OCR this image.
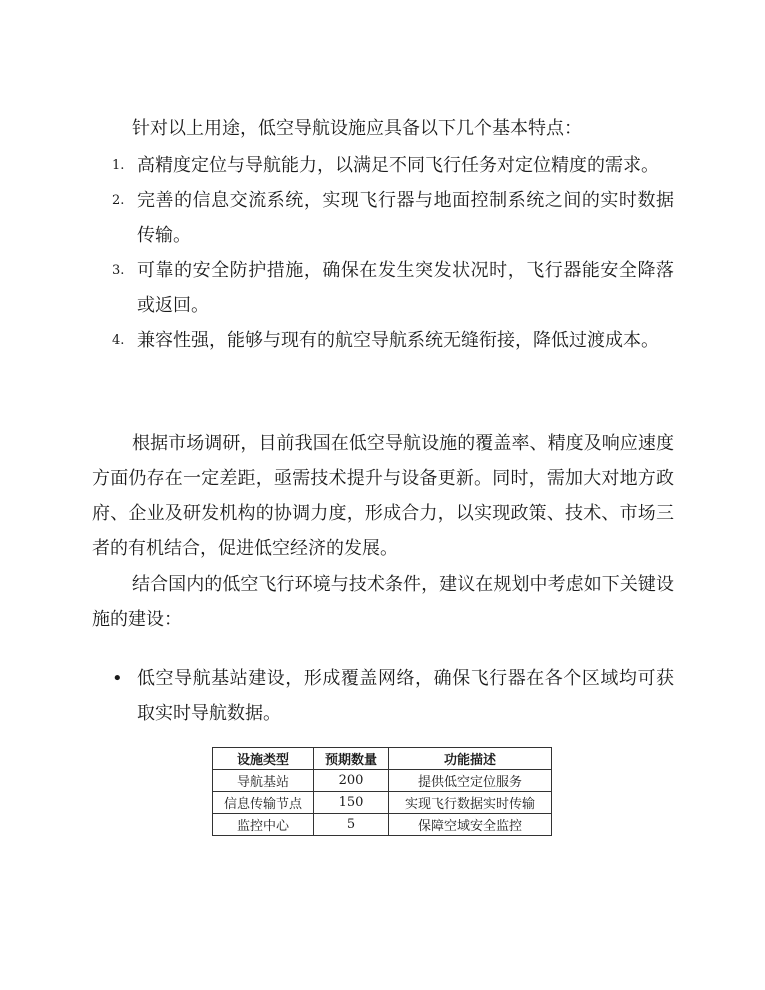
针对以上用途，低空导航设施应具备以下几个基本特点：

1. 高精度定位与导航能力，以满足不同飞行任务对定位精度的需求。
2. 完善的信息交流系统，实现飞行器与地面控制系统之间的实时数据传输。
3. 可靠的安全防护措施，确保在发生突发状况时，飞行器能安全降落或返回。
4. 兼容性强，能够与现有的航空导航系统无缝衔接，降低过渡成本。

根据市场调研，目前我国在低空导航设施的覆盖率、精度及响应速度方面仍存在一定差距，亟需技术提升与设备更新。同时，需加大对地方政府、企业及研发机构的协调力度，形成合力，以实现政策、技术、市场三者的有机结合，促进低空经济的发展。

结合国内的低空飞行环境与技术条件，建议在规划中考虑如下关键设施的建设：

• 低空导航基站建设，形成覆盖网络，确保飞行器在各个区域均可获取实时导航数据。
设施类型	预期数量	功能描述
导航基站	200	提供低空定位服务
信息传输节点	150	实现飞行数据实时传输
监控中心	5	保障空域安全监控
